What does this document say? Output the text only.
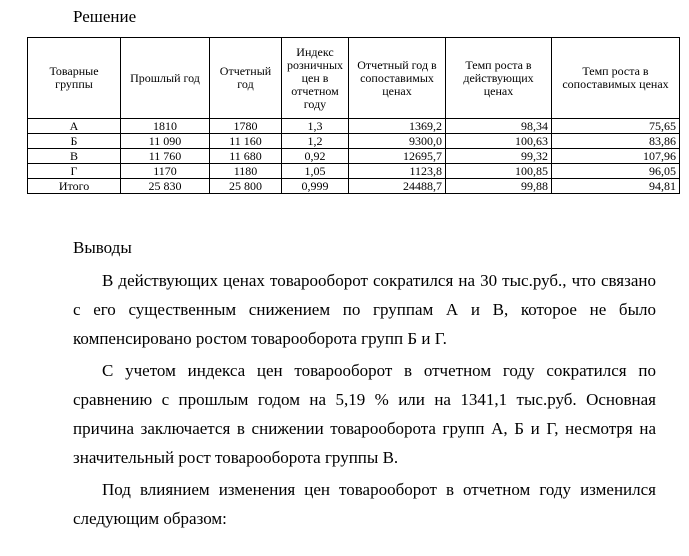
Решение
Товарные группы	Прошлый год	Отчетный год	Индекс розничных цен в отчетном году	Отчетный год в сопоставимых ценах	Темп роста в действующих ценах	Темп роста в сопоставимых ценах
А	1810	1780	1,3	1369,2	98,34	75,65
Б	11 090	11 160	1,2	9300,0	100,63	83,86
В	11 760	11 680	0,92	12695,7	99,32	107,96
Г	1170	1180	1,05	1123,8	100,85	96,05
Итого	25 830	25 800	0,999	24488,7	99,88	94,81
Выводы

В действующих ценах товарооборот сократился на 30 тыс.руб., что связано с его существенным снижением по группам А и В, которое не было компенсировано ростом товарооборота групп Б и Г.

С учетом индекса цен товарооборот в отчетном году сократился по сравнению с прошлым годом на 5,19 % или на 1341,1 тыс.руб. Основная причина заключается в снижении товарооборота групп А, Б и Г, несмотря на значительный рост товарооборота группы В.

Под влиянием изменения цен товарооборот в отчетном году изменился следующим образом:
